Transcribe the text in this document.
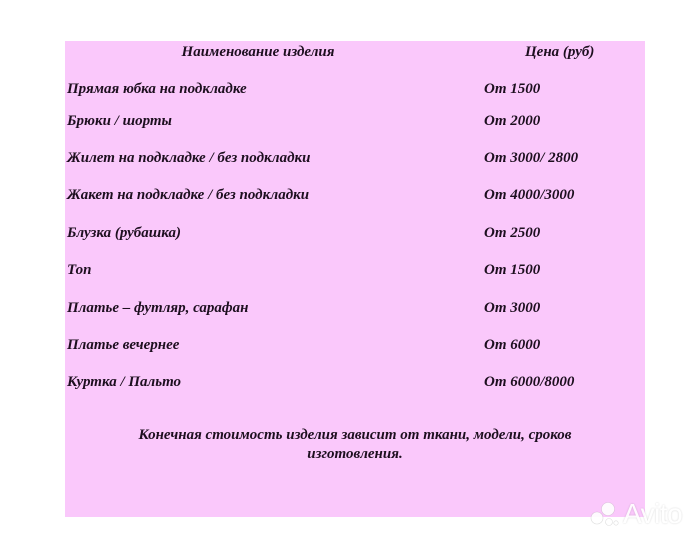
Наименование изделия	Цена (руб)
Прямая юбка на подкладке	От 1500
Брюки / шорты	От 2000
Жилет на подкладке / без подкладки	От 3000/ 2800
Жакет на подкладке / без подкладки	От 4000/3000
Блузка (рубашка)	От 2500
Топ	От 1500
Платье – футляр, сарафан	От 3000
Платье вечернее	От 6000
Куртка / Пальто	От 6000/8000
Конечная стоимость изделия зависит от ткани, модели, сроков
изготовления.
Avito
